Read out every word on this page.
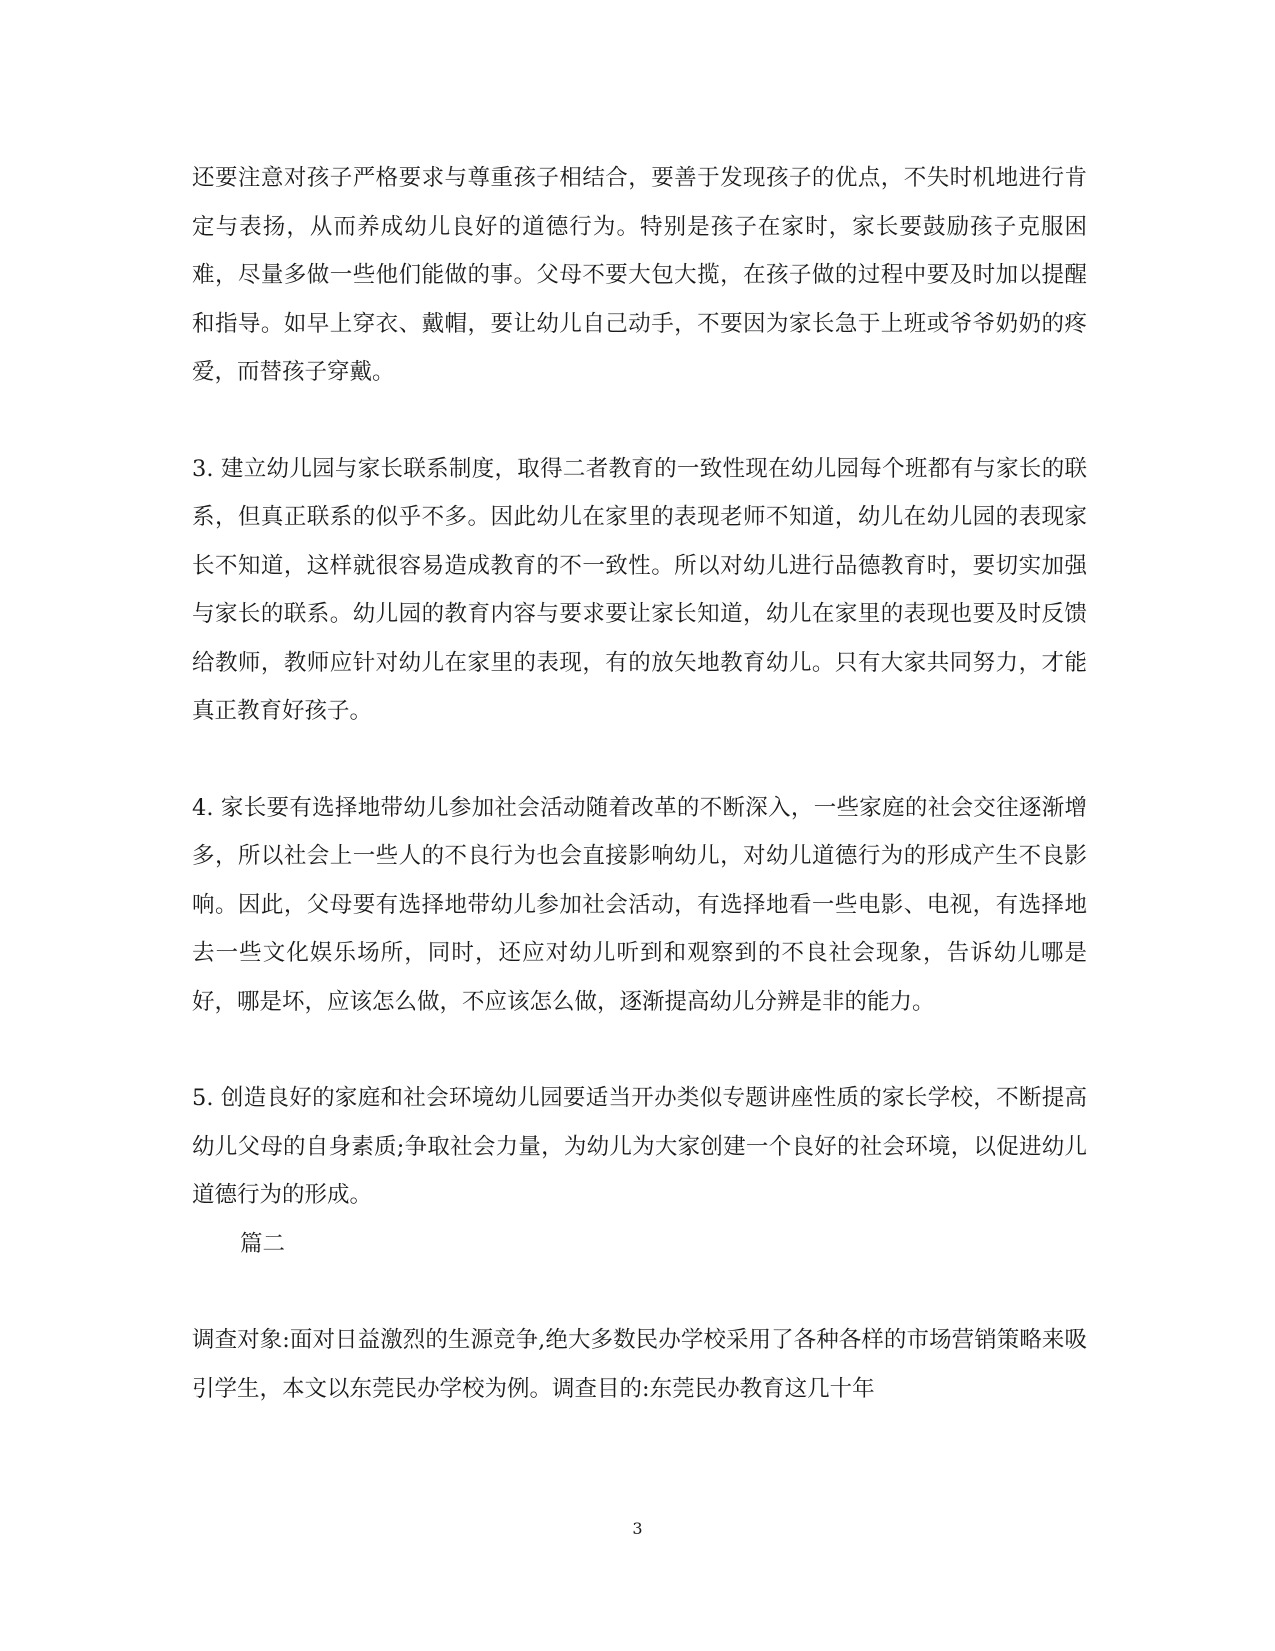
还要注意对孩子严格要求与尊重孩子相结合，要善于发现孩子的优点，不失时机地进行肯定与表扬，从而养成幼儿良好的道德行为。特别是孩子在家时，家长要鼓励孩子克服困难，尽量多做一些他们能做的事。父母不要大包大揽，在孩子做的过程中要及时加以提醒和指导。如早上穿衣、戴帽，要让幼儿自己动手，不要因为家长急于上班或爷爷奶奶的疼爱，而替孩子穿戴。

3. 建立幼儿园与家长联系制度，取得二者教育的一致性现在幼儿园每个班都有与家长的联系，但真正联系的似乎不多。因此幼儿在家里的表现老师不知道，幼儿在幼儿园的表现家长不知道，这样就很容易造成教育的不一致性。所以对幼儿进行品德教育时，要切实加强与家长的联系。幼儿园的教育内容与要求要让家长知道，幼儿在家里的表现也要及时反馈给教师，教师应针对幼儿在家里的表现，有的放矢地教育幼儿。只有大家共同努力，才能真正教育好孩子。

4. 家长要有选择地带幼儿参加社会活动随着改革的不断深入，一些家庭的社会交往逐渐增多，所以社会上一些人的不良行为也会直接影响幼儿，对幼儿道德行为的形成产生不良影响。因此，父母要有选择地带幼儿参加社会活动，有选择地看一些电影、电视，有选择地去一些文化娱乐场所，同时，还应对幼儿听到和观察到的不良社会现象，告诉幼儿哪是好，哪是坏，应该怎么做，不应该怎么做，逐渐提高幼儿分辨是非的能力。

5. 创造良好的家庭和社会环境幼儿园要适当开办类似专题讲座性质的家长学校，不断提高幼儿父母的自身素质;争取社会力量，为幼儿为大家创建一个良好的社会环境，以促进幼儿道德行为的形成。

篇二

调查对象:面对日益激烈的生源竞争,绝大多数民办学校采用了各种各样的市场营销策略来吸引学生，本文以东莞民办学校为例。调查目的:东莞民办教育这几十年

3
